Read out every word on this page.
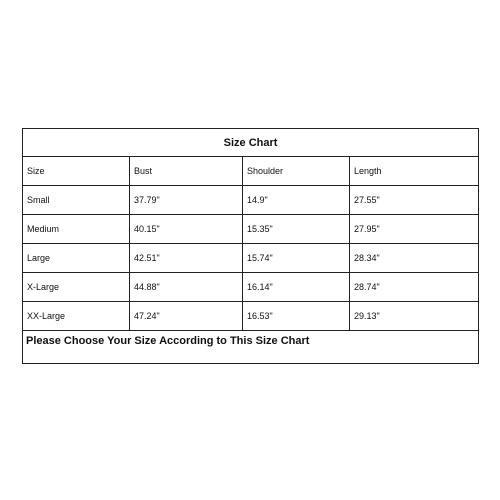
Size Chart			
Size	Bust	Shoulder	Length
Small	37.79"	14.9"	27.55"
Medium	40.15"	15.35"	27.95"
Large	42.51"	15.74"	28.34"
X-Large	44.88"	16.14"	28.74"
XX-Large	47.24"	16.53"	29.13"
Please Choose Your Size According to This Size Chart			
